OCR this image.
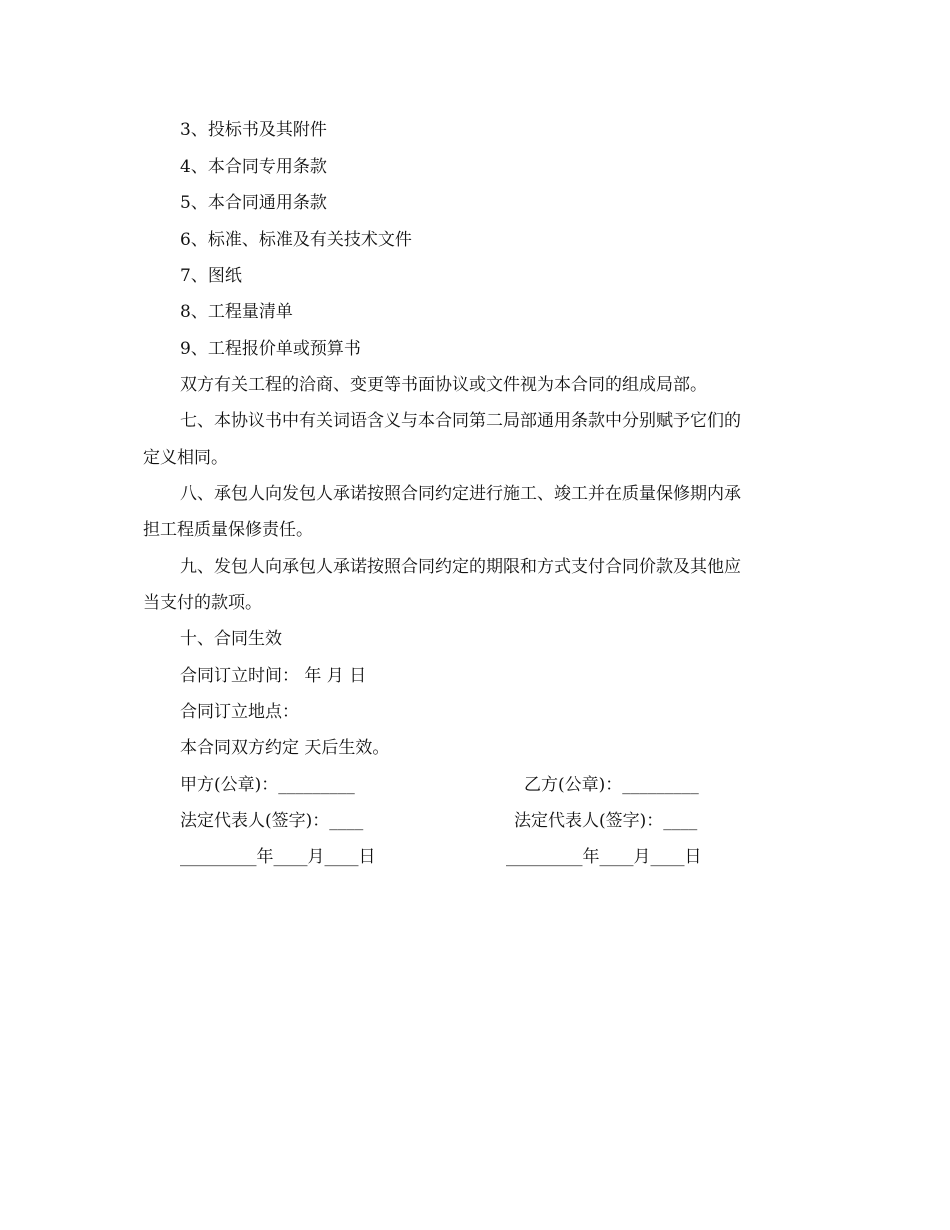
3、投标书及其附件
4、本合同专用条款
5、本合同通用条款
6、标准、标准及有关技术文件
7、图纸
8、工程量清单
9、工程报价单或预算书
双方有关工程的洽商、变更等书面协议或文件视为本合同的组成局部。
七、本协议书中有关词语含义与本合同第二局部通用条款中分别赋予它们的
定义相同。
八、承包人向发包人承诺按照合同约定进行施工、竣工并在质量保修期内承
担工程质量保修责任。
九、发包人向承包人承诺按照合同约定的期限和方式支付合同价款及其他应
当支付的款项。
十、合同生效
合同订立时间： 年 月 日
合同订立地点：
本合同双方约定 天后生效。
甲方(公章)：_________	乙方(公章)：_________
法定代表人(签字)：____	法定代表人(签字)：____
_________年____月____日	_________年____月____日
